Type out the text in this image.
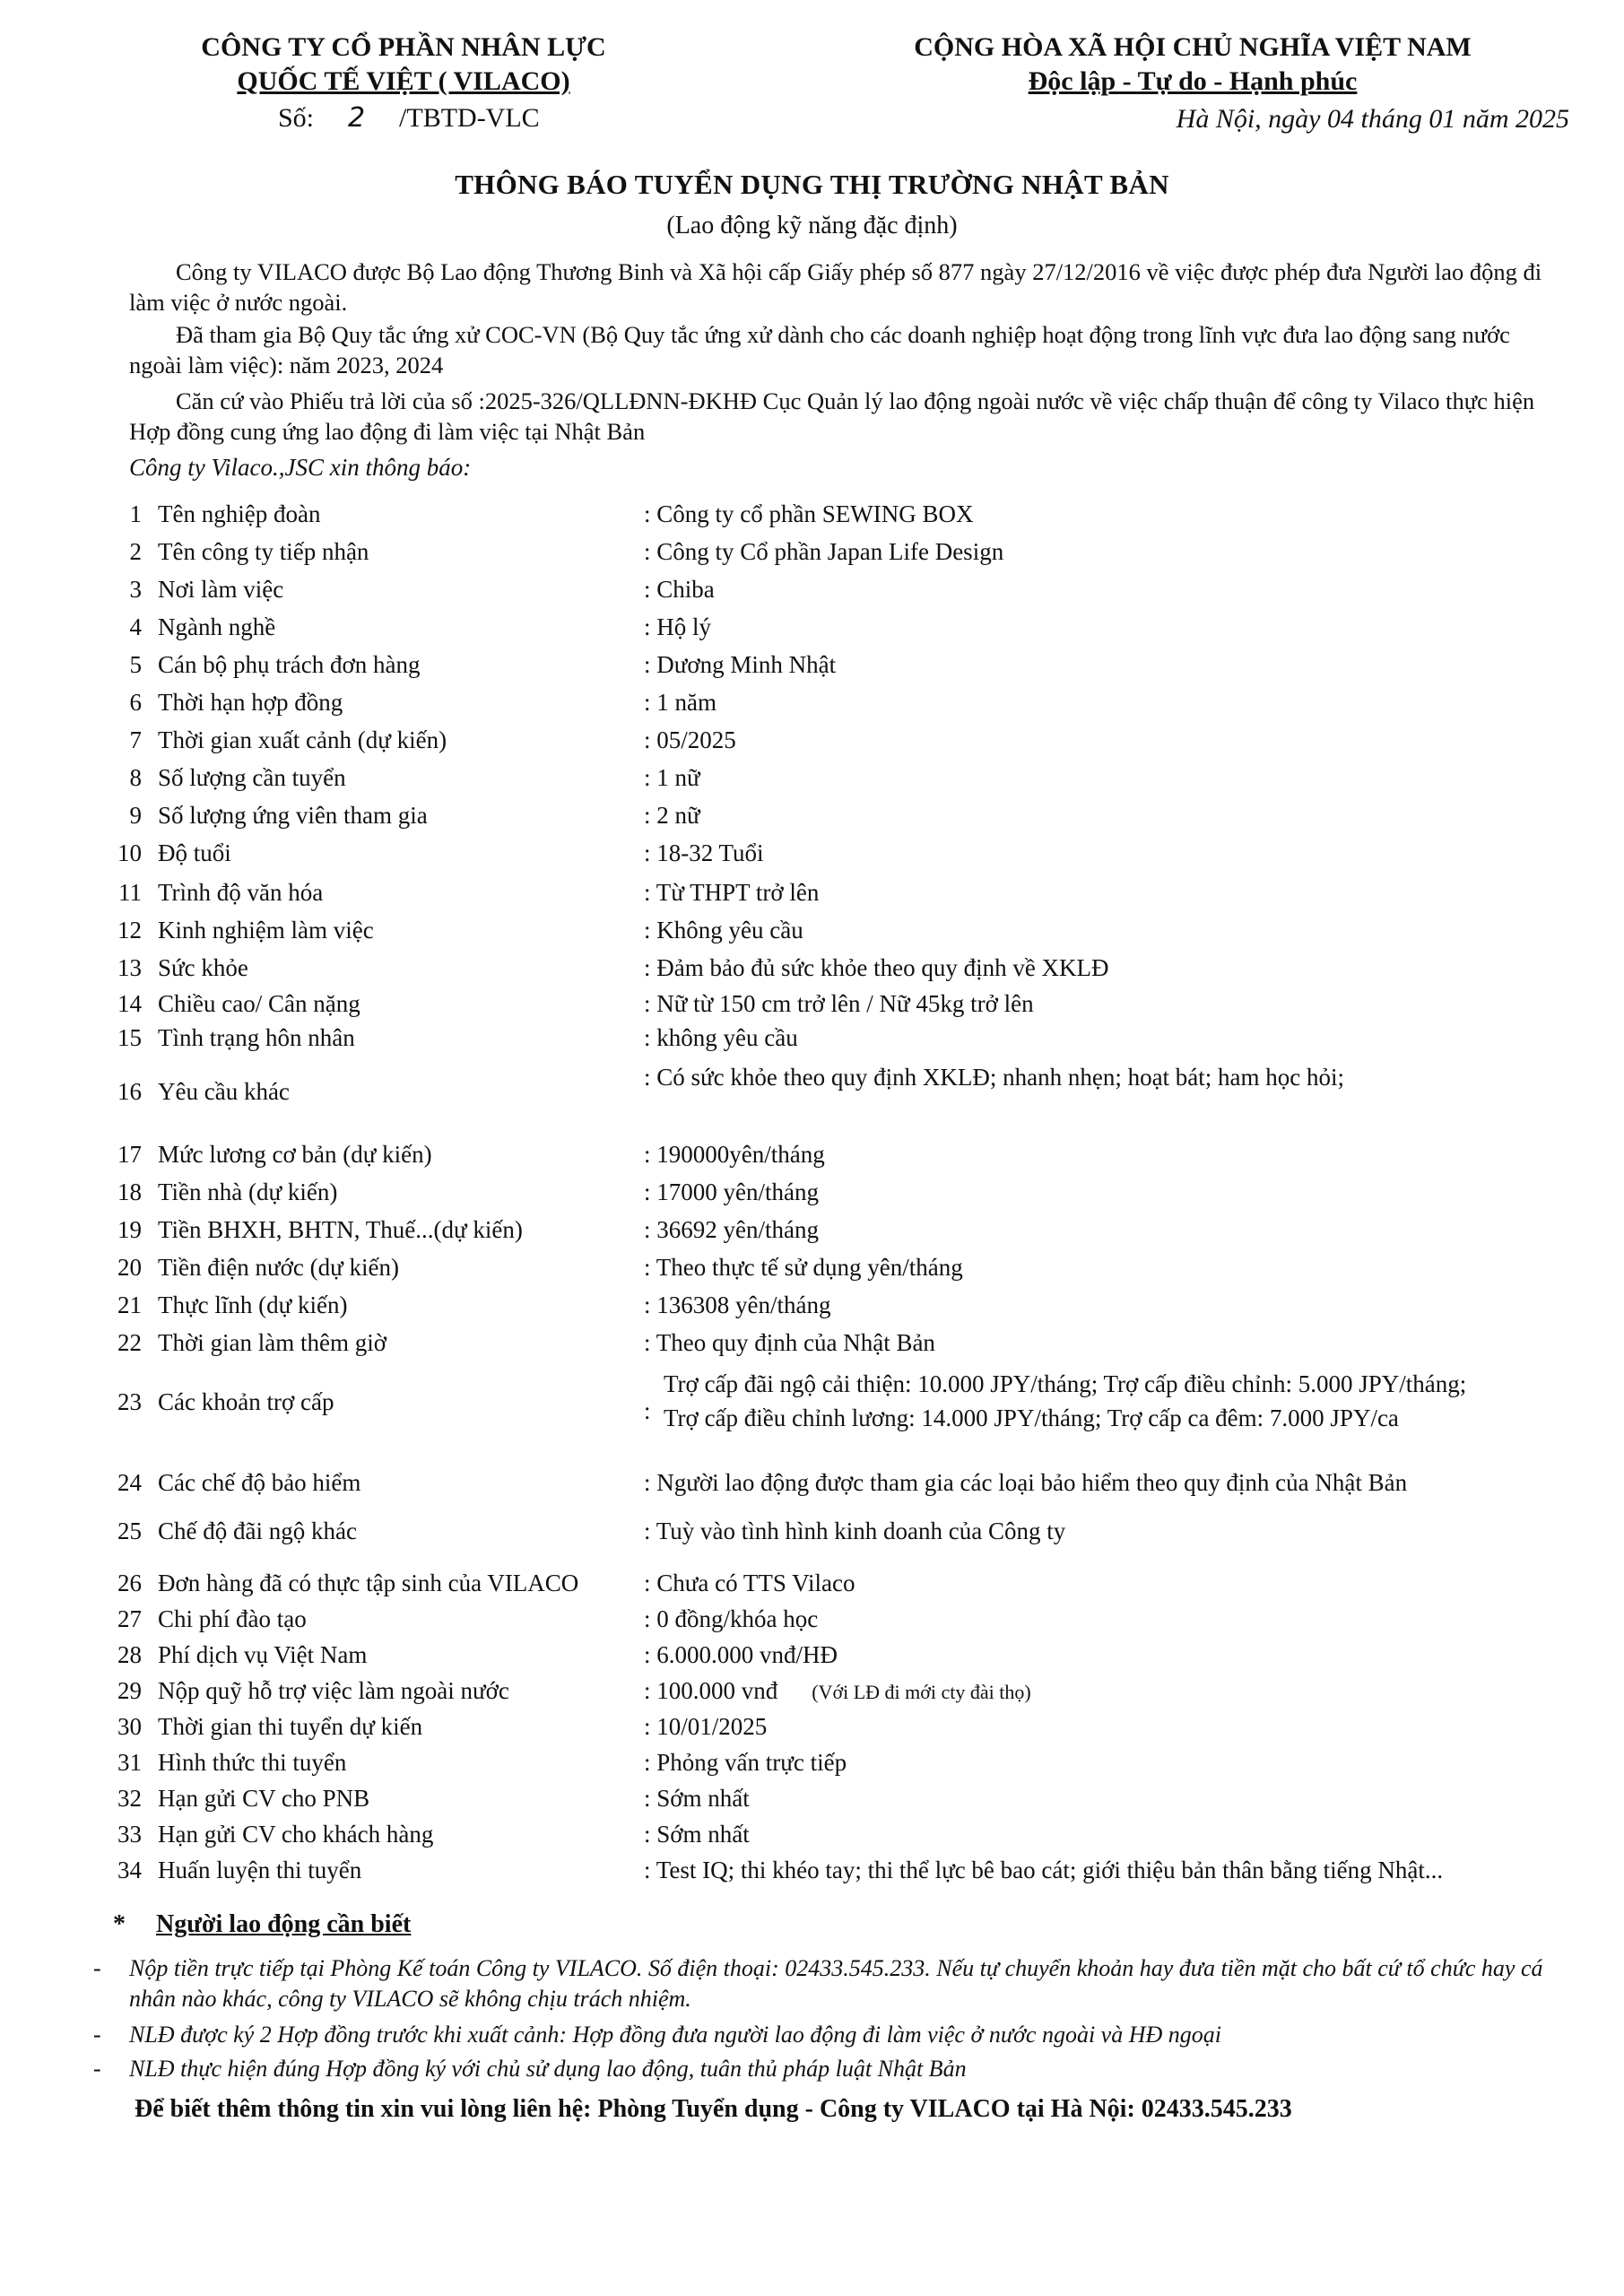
CÔNG TY CỔ PHẦN NHÂN LỰC
QUỐC TẾ VIỆT ( VILACO)
Số: 2 /TBTD-VLC
CỘNG HÒA XÃ HỘI CHỦ NGHĨA VIỆT NAM
Độc lập - Tự do - Hạnh phúc
Hà Nội, ngày 04 tháng 01 năm 2025
THÔNG BÁO TUYỂN DỤNG THỊ TRƯỜNG NHẬT BẢN
(Lao động kỹ năng đặc định)
Công ty VILACO được Bộ Lao động Thương Binh và Xã hội cấp Giấy phép số 877 ngày 27/12/2016 về việc được phép đưa Người lao động đi làm việc ở nước ngoài.
Đã tham gia Bộ Quy tắc ứng xử COC-VN (Bộ Quy tắc ứng xử dành cho các doanh nghiệp hoạt động trong lĩnh vực đưa lao động sang nước ngoài làm việc): năm 2023, 2024
Căn cứ vào Phiếu trả lời của số :2025-326/QLLĐNN-ĐKHĐ Cục Quản lý lao động ngoài nước về việc chấp thuận để công ty Vilaco thực hiện Hợp đồng cung ứng lao động đi làm việc tại Nhật Bản
Công ty Vilaco.,JSC xin thông báo:
1 Tên nghiệp đoàn	: Công ty cổ phần SEWING BOX
2 Tên công ty tiếp nhận	: Công ty Cổ phần Japan Life Design
3 Nơi làm việc	: Chiba
4 Ngành nghề	: Hộ lý
5 Cán bộ phụ trách đơn hàng	: Dương Minh Nhật
6 Thời hạn hợp đồng	: 1 năm
7 Thời gian xuất cảnh (dự kiến)	: 05/2025
8 Số lượng cần tuyển	: 1 nữ
9 Số lượng ứng viên tham gia	: 2 nữ
10 Độ tuổi	: 18-32 Tuổi
11 Trình độ văn hóa	: Từ THPT trở lên
12 Kinh nghiệm làm việc	: Không yêu cầu
13 Sức khỏe	: Đảm bảo đủ sức khỏe theo quy định về XKLĐ
14 Chiều cao/ Cân nặng	: Nữ từ 150 cm trở lên / Nữ 45kg trở lên
15 Tình trạng hôn nhân	: không yêu cầu
16 Yêu cầu khác
: Có sức khỏe theo quy định XKLĐ; nhanh nhẹn; hoạt bát; ham học hỏi;
17 Mức lương cơ bản (dự kiến)	: 190000yên/tháng
18 Tiền nhà (dự kiến)	: 17000 yên/tháng
19 Tiền BHXH, BHTN, Thuế...(dự kiến)	: 36692 yên/tháng
20 Tiền điện nước (dự kiến)	: Theo thực tế sử dụng yên/tháng
21 Thực lĩnh (dự kiến)	: 136308 yên/tháng
22 Thời gian làm thêm giờ	: Theo quy định của Nhật Bản
23 Các khoản trợ cấp	:
Trợ cấp đãi ngộ cải thiện: 10.000 JPY/tháng; Trợ cấp điều chỉnh: 5.000 JPY/tháng;
Trợ cấp điều chỉnh lương: 14.000 JPY/tháng; Trợ cấp ca đêm: 7.000 JPY/ca
24 Các chế độ bảo hiểm	: Người lao động được tham gia các loại bảo hiểm theo quy định của Nhật Bản
25 Chế độ đãi ngộ khác	: Tuỳ vào tình hình kinh doanh của Công ty
26 Đơn hàng đã có thực tập sinh của VILACO	: Chưa có TTS Vilaco
27 Chi phí đào tạo	: 0 đồng/khóa học
28 Phí dịch vụ Việt Nam	: 6.000.000 vnđ/HĐ
29 Nộp quỹ hỗ trợ việc làm ngoài nước	: 100.000 vnđ (Với LĐ đi mới cty đài thọ)
30 Thời gian thi tuyển dự kiến	: 10/01/2025
31 Hình thức thi tuyển	: Phỏng vấn trực tiếp
32 Hạn gửi CV cho PNB	: Sớm nhất
33 Hạn gửi CV cho khách hàng	: Sớm nhất
34 Huấn luyện thi tuyển	: Test IQ; thi khéo tay; thi thể lực bê bao cát; giới thiệu bản thân bằng tiếng Nhật...
* Người lao động cần biết
- Nộp tiền trực tiếp tại Phòng Kế toán Công ty VILACO. Số điện thoại: 02433.545.233. Nếu tự chuyển khoản hay đưa tiền mặt cho bất cứ tổ chức hay cá nhân nào khác, công ty VILACO sẽ không chịu trách nhiệm.
- NLĐ được ký 2 Hợp đồng trước khi xuất cảnh: Hợp đồng đưa người lao động đi làm việc ở nước ngoài và HĐ ngoại
- NLĐ thực hiện đúng Hợp đồng ký với chủ sử dụng lao động, tuân thủ pháp luật Nhật Bản
Để biết thêm thông tin xin vui lòng liên hệ: Phòng Tuyển dụng - Công ty VILACO tại Hà Nội: 02433.545.233
